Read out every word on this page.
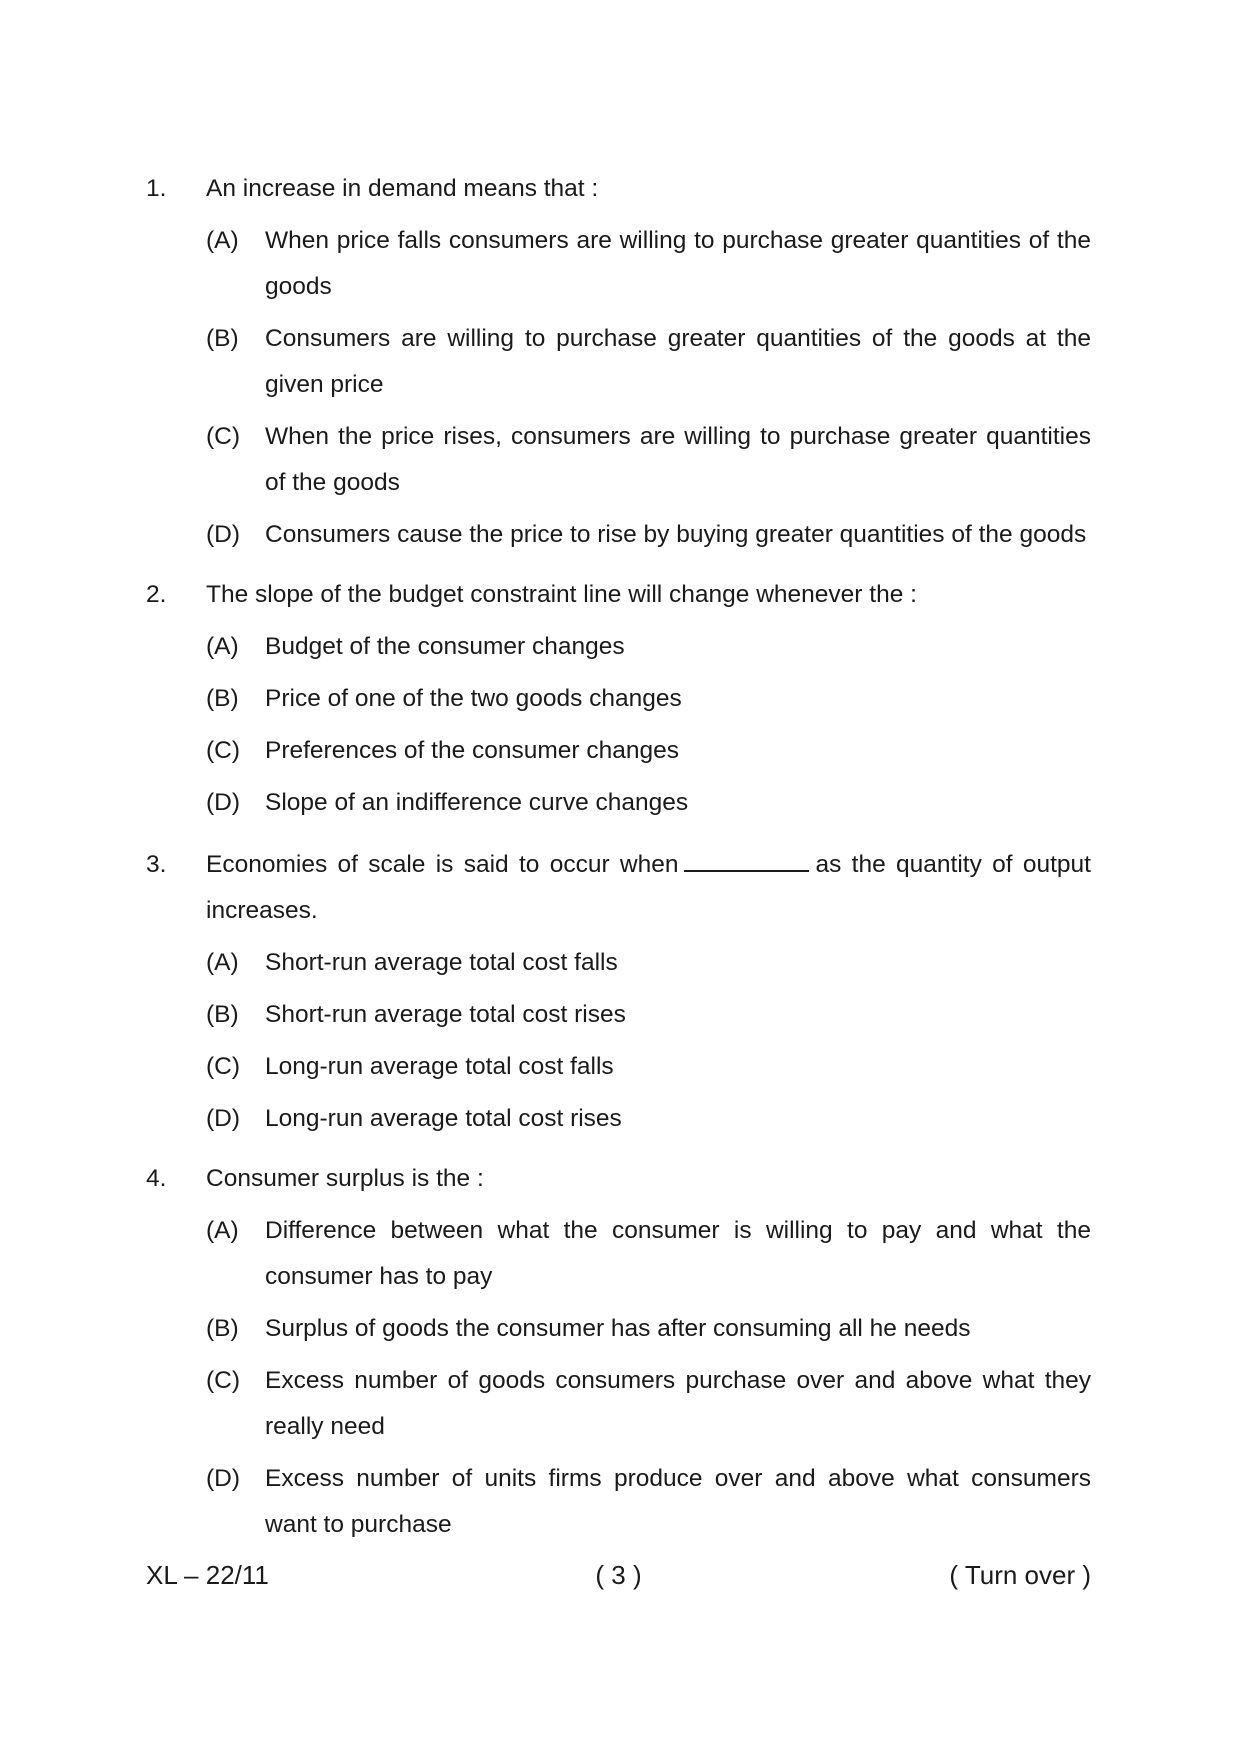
1.	An increase in demand means that :
(A)	When price falls consumers are willing to purchase greater quantities of the goods
(B)	Consumers are willing to purchase greater quantities of the goods at the given price
(C)	When the price rises, consumers are willing to purchase greater quantities of the goods
(D)	Consumers cause the price to rise by buying greater quantities of the goods
2.	The slope of the budget constraint line will change whenever the :
(A)	Budget of the consumer changes
(B)	Price of one of the two goods changes
(C)	Preferences of the consumer changes
(D)	Slope of an indifference curve changes
3.	Economies of scale is said to occur when	as the quantity of output increases.
(A)	Short-run average total cost falls
(B)	Short-run average total cost rises
(C)	Long-run average total cost falls
(D)	Long-run average total cost rises
4.	Consumer surplus is the :
(A)	Difference between what the consumer is willing to pay and what the consumer has to pay
(B)	Surplus of goods the consumer has after consuming all he needs
(C)	Excess number of goods consumers purchase over and above what they really need
(D)	Excess number of units firms produce over and above what consumers want to purchase
XL – 22/11	( 3 )	( Turn over )
